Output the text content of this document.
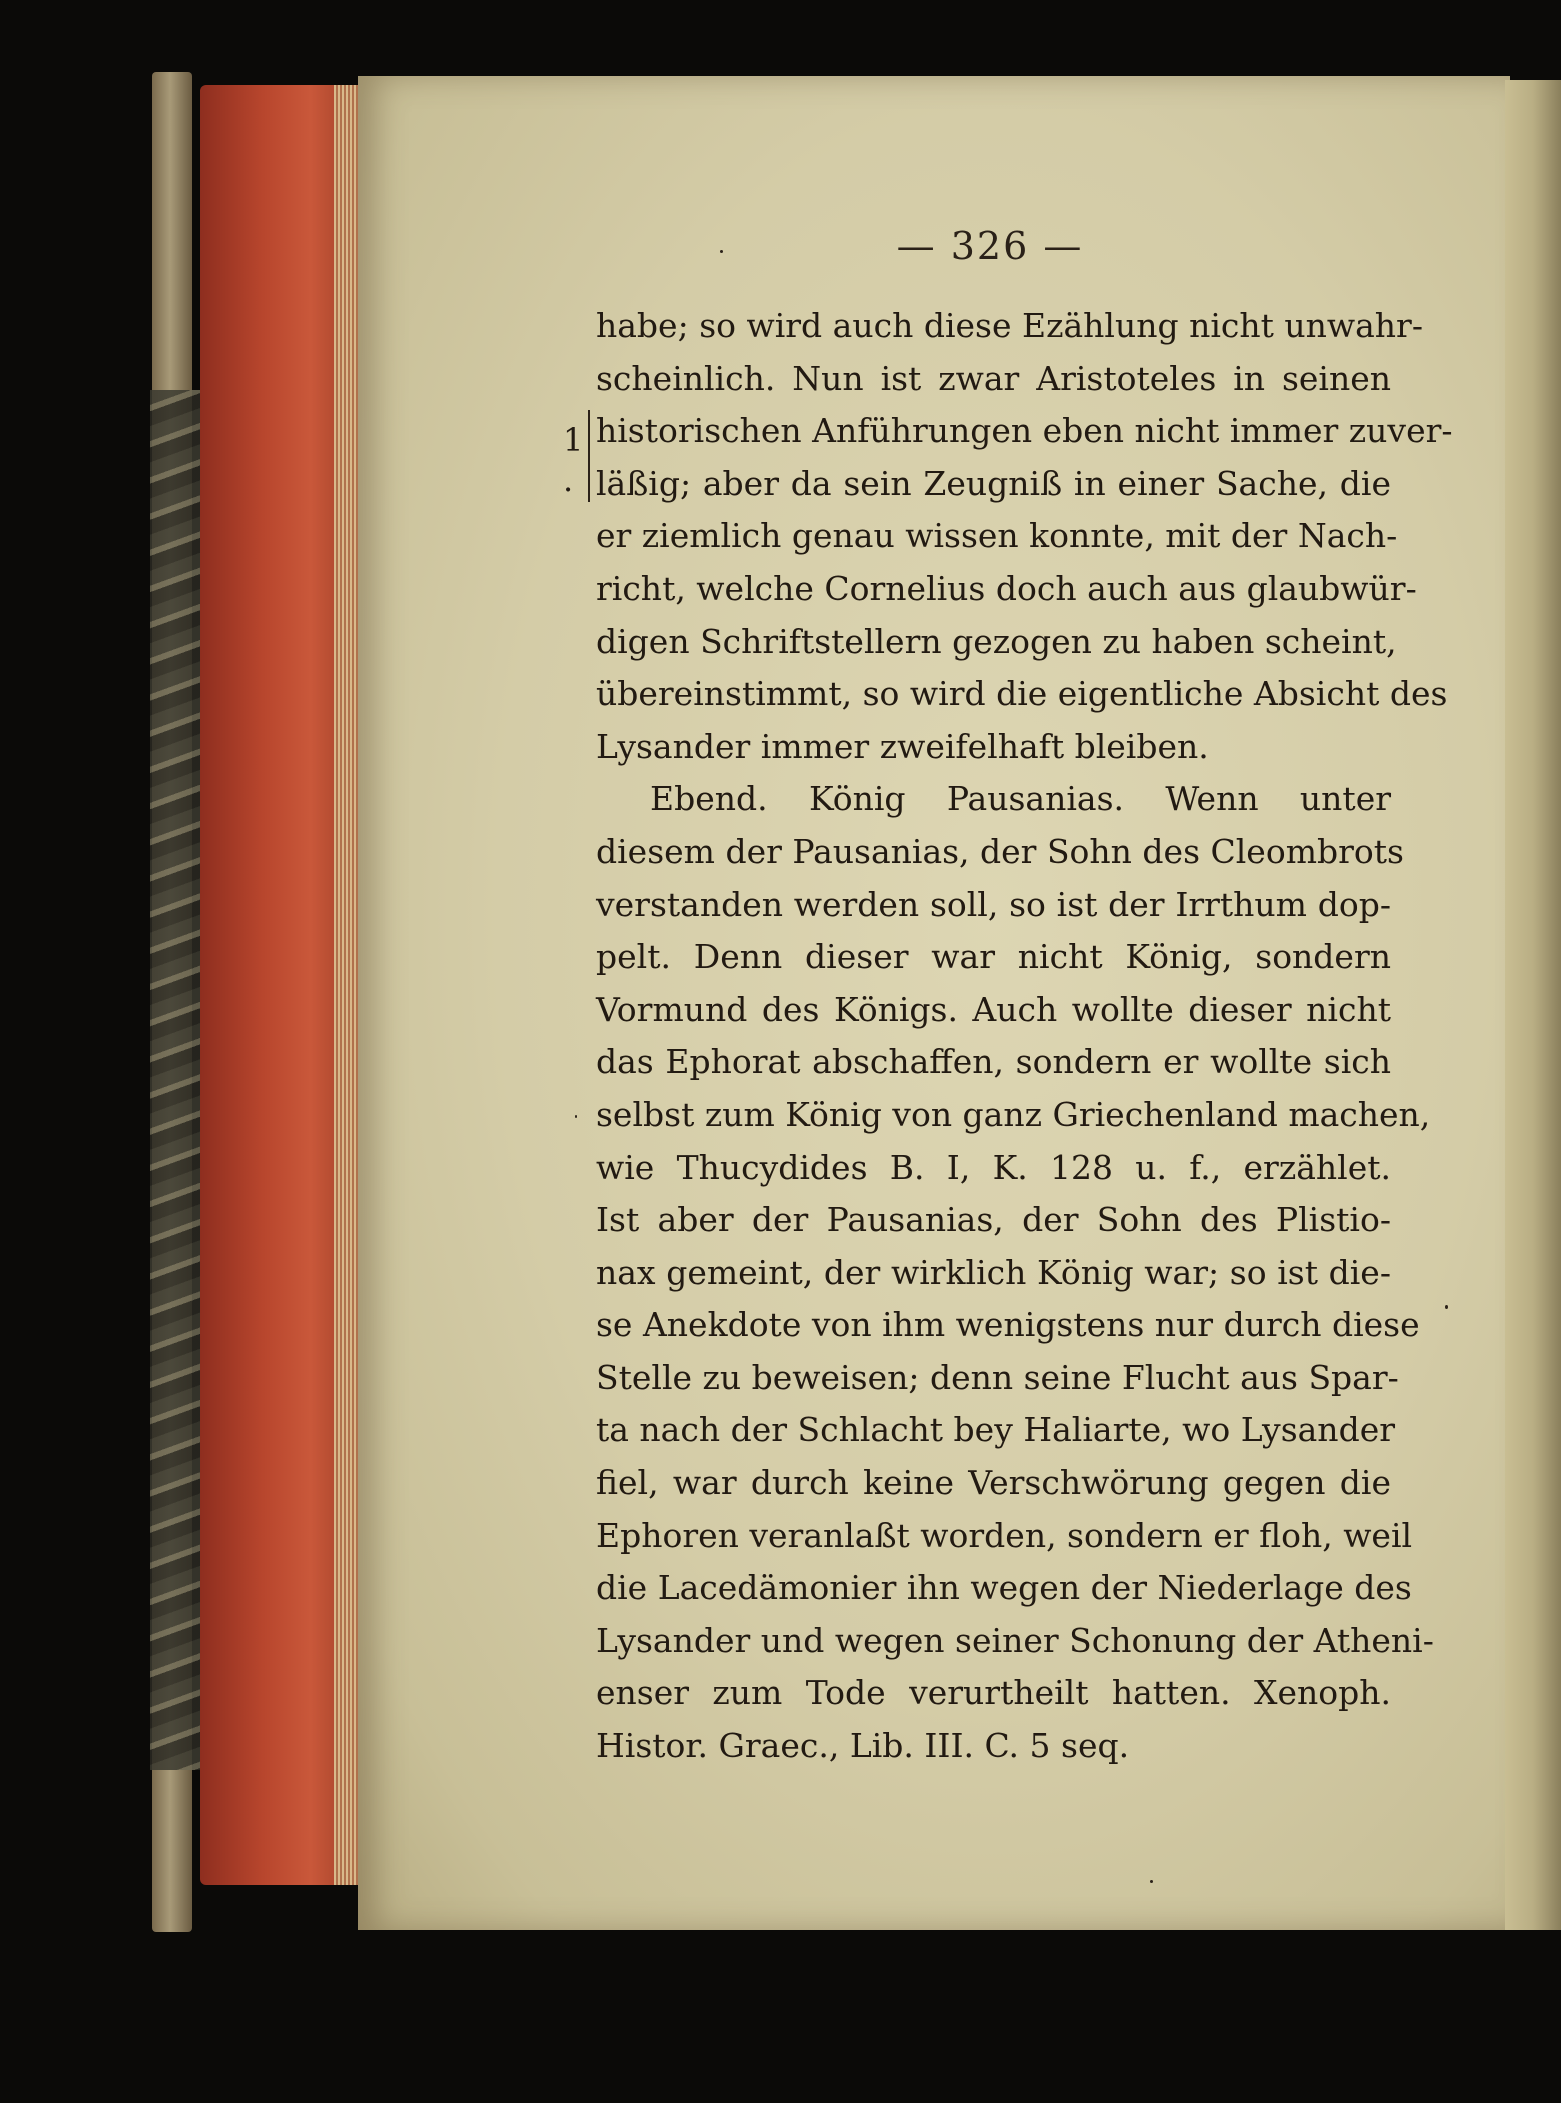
— 326 —
1
.
habe; so wird auch diese Ezählung nicht unwahr-
scheinlich. Nun ist zwar Aristoteles in seinen
historischen Anführungen eben nicht immer zuver-
läßig; aber da sein Zeugniß in einer Sache, die
er ziemlich genau wissen konnte, mit der Nach-
richt, welche Cornelius doch auch aus glaubwür-
digen Schriftstellern gezogen zu haben scheint,
übereinstimmt, so wird die eigentliche Absicht des
Lysander immer zweifelhaft bleiben.
Ebend. König Pausanias. Wenn unter
diesem der Pausanias, der Sohn des Cleombrots
verstanden werden soll, so ist der Irrthum dop-
pelt. Denn dieser war nicht König, sondern
Vormund des Königs. Auch wollte dieser nicht
das Ephorat abschaffen, sondern er wollte sich
selbst zum König von ganz Griechenland machen,
wie Thucydides B. I, K. 128 u. f., erzählet.
Ist aber der Pausanias, der Sohn des Plistio-
nax gemeint, der wirklich König war; so ist die-
se Anekdote von ihm wenigstens nur durch diese
Stelle zu beweisen; denn seine Flucht aus Spar-
ta nach der Schlacht bey Haliarte, wo Lysander
fiel, war durch keine Verschwörung gegen die
Ephoren veranlaßt worden, sondern er floh, weil
die Lacedämonier ihn wegen der Niederlage des
Lysander und wegen seiner Schonung der Atheni-
enser zum Tode verurtheilt hatten. Xenoph.
Histor. Graec., Lib. III. C. 5 seq.
